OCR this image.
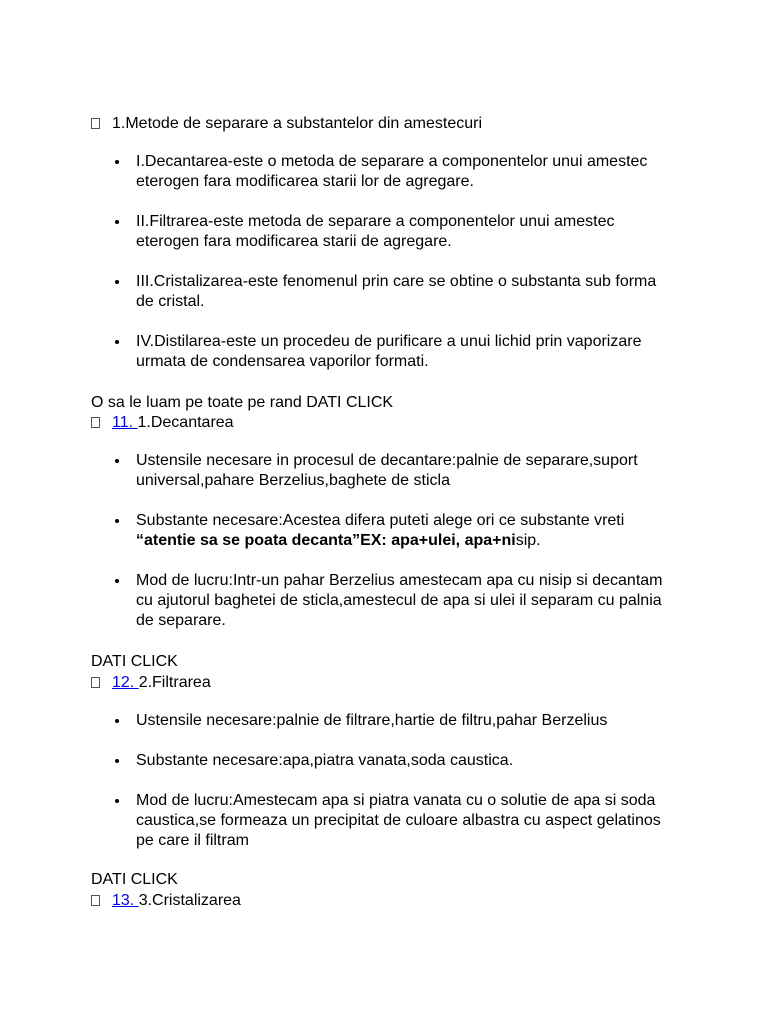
1.Metode de separare a substantelor din amestecuri
I.Decantarea-este o metoda de separare a componentelor unui amestec eterogen fara modificarea starii lor de agregare.
II.Filtrarea-este metoda de separare a componentelor unui amestec eterogen fara modificarea starii de agregare.
III.Cristalizarea-este fenomenul prin care se obtine o substanta sub forma de cristal.
IV.Distilarea-este un procedeu de purificare a unui lichid prin vaporizare urmata de condensarea vaporilor formati.
O sa le luam pe toate pe rand DATI CLICK
11. 1.Decantarea
Ustensile necesare in procesul de decantare:palnie de separare,suport universal,pahare Berzelius,baghete de sticla
Substante necesare:Acestea difera puteti alege ori ce substante vreti “atentie sa se poata decanta”EX: apa+ulei, apa+nisip.
Mod de lucru:Intr-un pahar Berzelius amestecam apa cu nisip si decantam cu ajutorul baghetei de sticla,amestecul de apa si ulei il separam cu palnia de separare.
DATI CLICK
12. 2.Filtrarea
Ustensile necesare:palnie de filtrare,hartie de filtru,pahar Berzelius
Substante necesare:apa,piatra vanata,soda caustica.
Mod de lucru:Amestecam apa si piatra vanata cu o solutie de apa si soda caustica,se formeaza un precipitat de culoare albastra cu aspect gelatinos pe care il filtram
DATI CLICK
13. 3.Cristalizarea
